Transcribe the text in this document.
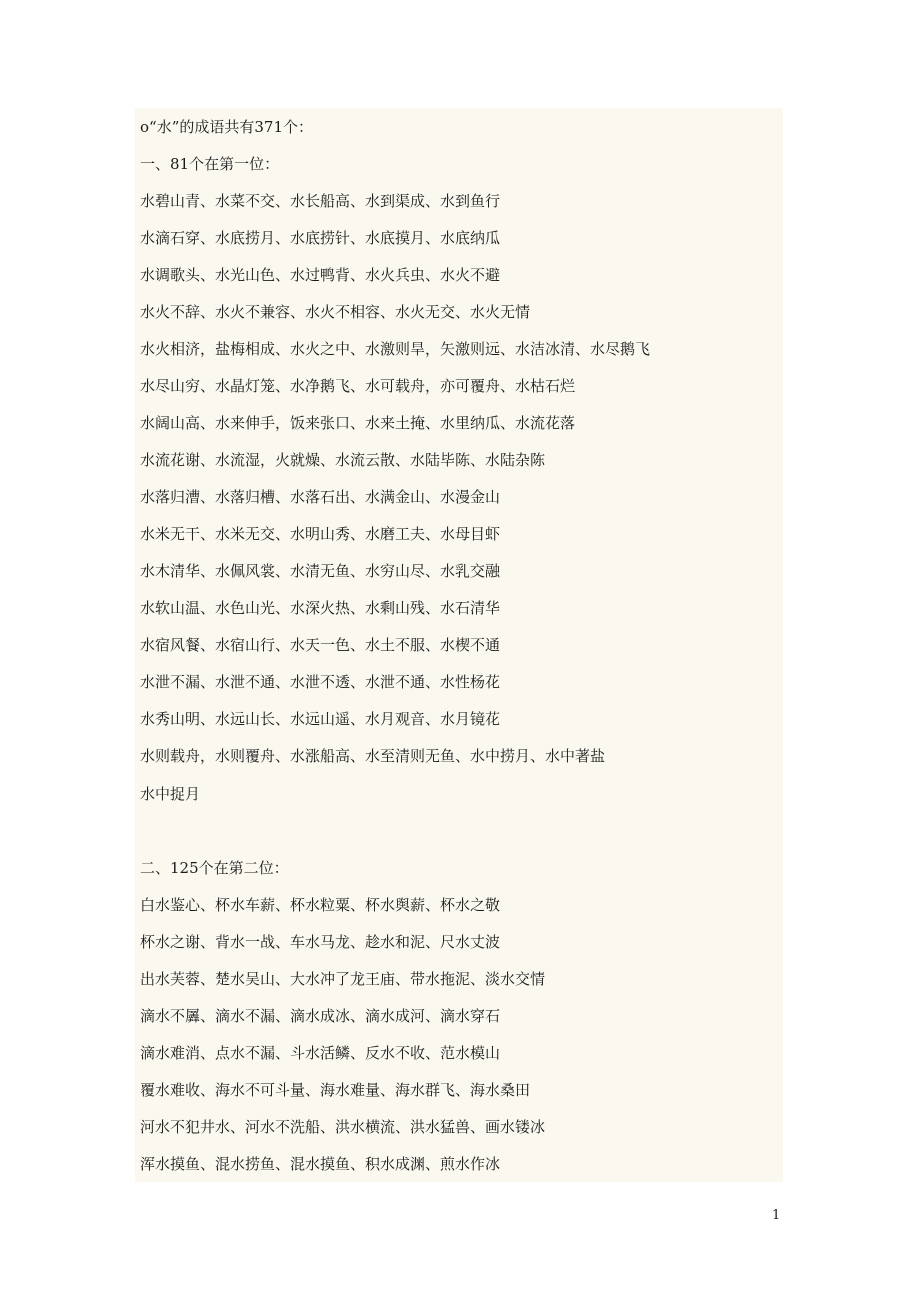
o“水”的成语共有371个：
一、81个在第一位：
水碧山青、水菜不交、水长船高、水到渠成、水到鱼行
水滴石穿、水底捞月、水底捞针、水底摸月、水底纳瓜
水调歌头、水光山色、水过鸭背、水火兵虫、水火不避
水火不辞、水火不兼容、水火不相容、水火无交、水火无情
水火相济，盐梅相成、水火之中、水激则旱，矢激则远、水洁冰清、水尽鹅飞
水尽山穷、水晶灯笼、水净鹅飞、水可载舟，亦可覆舟、水枯石烂
水阔山高、水来伸手，饭来张口、水来土掩、水里纳瓜、水流花落
水流花谢、水流湿，火就燥、水流云散、水陆毕陈、水陆杂陈
水落归漕、水落归槽、水落石出、水满金山、水漫金山
水米无干、水米无交、水明山秀、水磨工夫、水母目虾
水木清华、水佩风裳、水清无鱼、水穷山尽、水乳交融
水软山温、水色山光、水深火热、水剩山残、水石清华
水宿风餐、水宿山行、水天一色、水土不服、水楔不通
水泄不漏、水泄不通、水泄不透、水泄不通、水性杨花
水秀山明、水远山长、水远山遥、水月观音、水月镜花
水则载舟，水则覆舟、水涨船高、水至清则无鱼、水中捞月、水中著盐
水中捉月
二、125个在第二位：
白水鉴心、杯水车薪、杯水粒粟、杯水舆薪、杯水之敬
杯水之谢、背水一战、车水马龙、趁水和泥、尺水丈波
出水芙蓉、楚水吴山、大水冲了龙王庙、带水拖泥、淡水交情
滴水不羼、滴水不漏、滴水成冰、滴水成河、滴水穿石
滴水难消、点水不漏、斗水活鳞、反水不收、范水模山
覆水难收、海水不可斗量、海水难量、海水群飞、海水桑田
河水不犯井水、河水不洗船、洪水横流、洪水猛兽、画水镂冰
浑水摸鱼、混水捞鱼、混水摸鱼、积水成渊、煎水作冰
1
